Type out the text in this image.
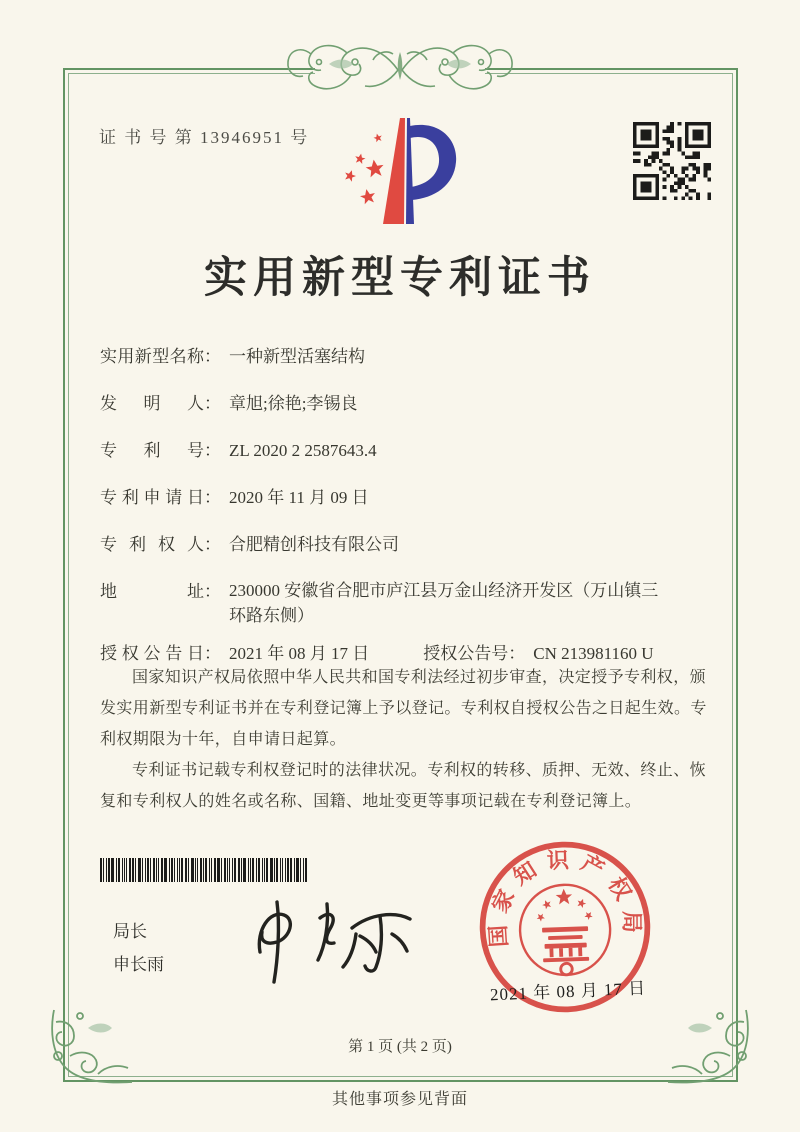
证 书 号 第 13946951 号
实用新型专利证书
实用新型名称 ： 一种新型活塞结构
发明人 ： 章旭;徐艳;李锡良
专利号 ： ZL 2020 2 2587643.4
专利申请日 ： 2020 年 11 月 09 日
专利权人 ： 合肥精创科技有限公司
地址 ： 230000 安徽省合肥市庐江县万金山经济开发区（万山镇三环路东侧）
授权公告日 ： 2021 年 08 月 17 日	授权公告号 ： CN 213981160 U

国家知识产权局依照中华人民共和国专利法经过初步审查，决定授予专利权，颁发实用新型专利证书并在专利登记簿上予以登记。专利权自授权公告之日起生效。专利权期限为十年，自申请日起算。

专利证书记载专利权登记时的法律状况。专利权的转移、质押、无效、终止、恢复和专利权人的姓名或名称、国籍、地址变更等事项记载在专利登记簿上。

局长
申长雨
国家知识产权局
2021 年 08 月 17 日
第 1 页 (共 2 页)
其他事项参见背面
